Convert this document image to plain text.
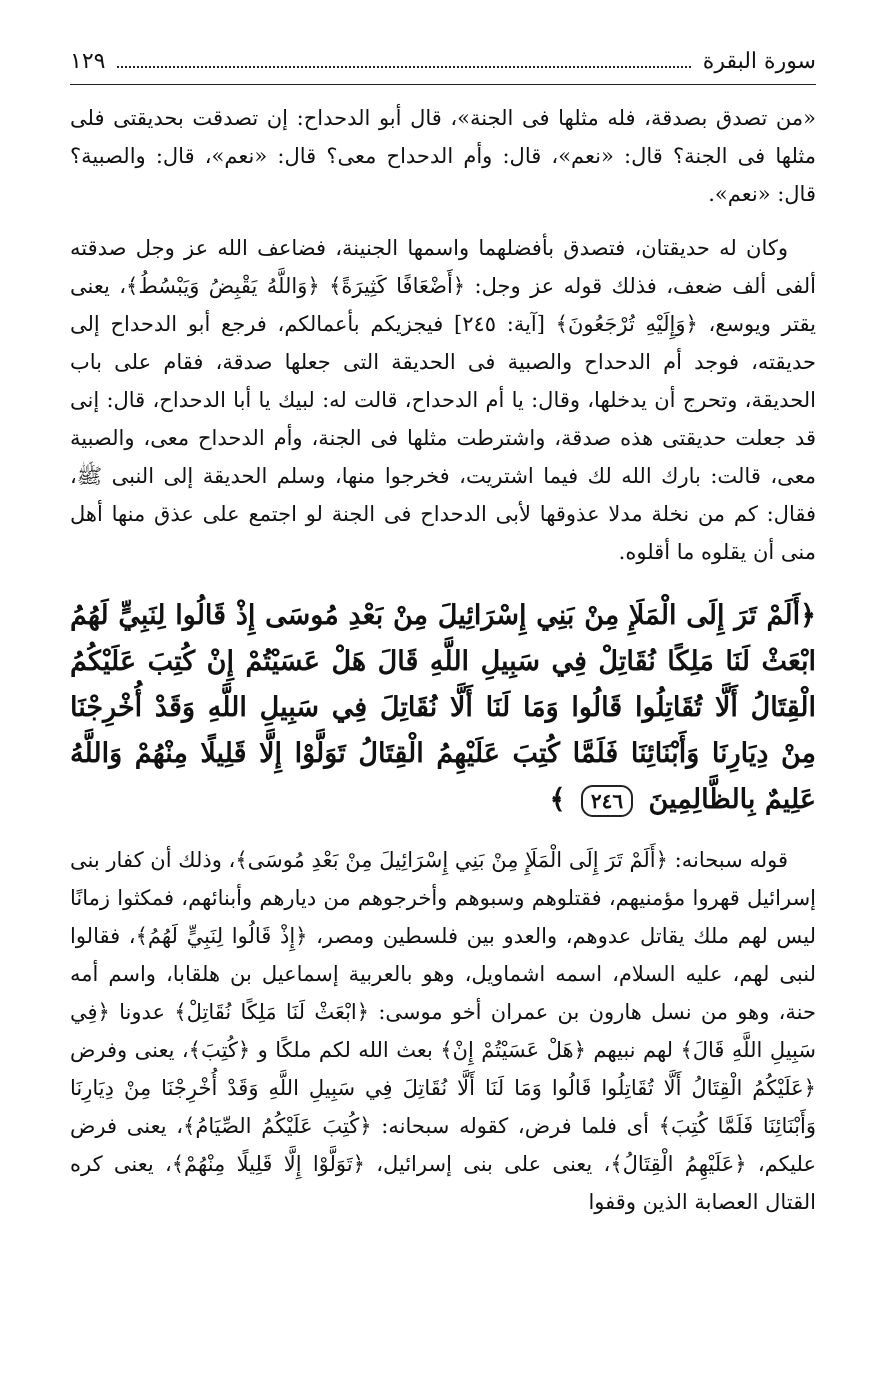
سورة البقرة
١٢٩

«من تصدق بصدقة، فله مثلها فى الجنة»، قال أبو الدحداح: إن تصدقت بحديقتى فلى مثلها فى الجنة؟ قال: «نعم»، قال: وأم الدحداح معى؟ قال: «نعم»، قال: والصبية؟ قال: «نعم».

وكان له حديقتان، فتصدق بأفضلهما واسمها الجنينة، فضاعف الله عز وجل صدقته ألفى ألف ضعف، فذلك قوله عز وجل: ﴿أَضْعَافًا كَثِيرَةً﴾ ﴿وَاللَّهُ يَقْبِضُ وَيَبْسُطُ﴾، يعنى يقتر ويوسع، ﴿وَإِلَيْهِ تُرْجَعُونَ﴾ [آية: ٢٤٥] فيجزيكم بأعمالكم، فرجع أبو الدحداح إلى حديقته، فوجد أم الدحداح والصبية فى الحديقة التى جعلها صدقة، فقام على باب الحديقة، وتحرج أن يدخلها، وقال: يا أم الدحداح، قالت له: لبيك يا أبا الدحداح، قال: إنى قد جعلت حديقتى هذه صدقة، واشترطت مثلها فى الجنة، وأم الدحداح معى، والصبية معى، قالت: بارك الله لك فيما اشتريت، فخرجوا منها، وسلم الحديقة إلى النبى ﷺ، فقال: كم من نخلة مدلا عذوقها لأبى الدحداح فى الجنة لو اجتمع على عذق منها أهل منى أن يقلوه ما أقلوه.

﴿أَلَمْ تَرَ إِلَى الْمَلَإِ مِنْ بَنِي إِسْرَائِيلَ مِنْ بَعْدِ مُوسَى إِذْ قَالُوا لِنَبِيٍّ لَهُمُ ابْعَثْ لَنَا مَلِكًا نُقَاتِلْ فِي سَبِيلِ اللَّهِ قَالَ هَلْ عَسَيْتُمْ إِنْ كُتِبَ عَلَيْكُمُ الْقِتَالُ أَلَّا تُقَاتِلُوا قَالُوا وَمَا لَنَا أَلَّا نُقَاتِلَ فِي سَبِيلِ اللَّهِ وَقَدْ أُخْرِجْنَا مِنْ دِيَارِنَا وَأَبْنَائِنَا فَلَمَّا كُتِبَ عَلَيْهِمُ الْقِتَالُ تَوَلَّوْا إِلَّا قَلِيلًا مِنْهُمْ وَاللَّهُ عَلِيمٌ بِالظَّالِمِينَ ٢٤٦ ﴾

قوله سبحانه: ﴿أَلَمْ تَرَ إِلَى الْمَلَإِ مِنْ بَنِي إِسْرَائِيلَ مِنْ بَعْدِ مُوسَى﴾، وذلك أن كفار بنى إسرائيل قهروا مؤمنيهم، فقتلوهم وسبوهم وأخرجوهم من ديارهم وأبنائهم، فمكثوا زمانًا ليس لهم ملك يقاتل عدوهم، والعدو بين فلسطين ومصر، ﴿إِذْ قَالُوا لِنَبِيٍّ لَهُمُ﴾، فقالوا لنبى لهم، عليه السلام، اسمه اشماويل، وهو بالعربية إسماعيل بن هلقابا، واسم أمه حنة، وهو من نسل هارون بن عمران أخو موسى: ﴿ابْعَثْ لَنَا مَلِكًا نُقَاتِلْ﴾ عدونا ﴿فِي سَبِيلِ اللَّهِ قَالَ﴾ لهم نبيهم ﴿هَلْ عَسَيْتُمْ إِنْ﴾ بعث الله لكم ملكًا و ﴿كُتِبَ﴾، يعنى وفرض ﴿عَلَيْكُمُ الْقِتَالُ أَلَّا تُقَاتِلُوا قَالُوا وَمَا لَنَا أَلَّا نُقَاتِلَ فِي سَبِيلِ اللَّهِ وَقَدْ أُخْرِجْنَا مِنْ دِيَارِنَا وَأَبْنَائِنَا فَلَمَّا كُتِبَ﴾ أى فلما فرض، كقوله سبحانه: ﴿كُتِبَ عَلَيْكُمُ الصِّيَامُ﴾، يعنى فرض عليكم، ﴿عَلَيْهِمُ الْقِتَالُ﴾، يعنى على بنى إسرائيل، ﴿تَوَلَّوْا إِلَّا قَلِيلًا مِنْهُمْ﴾، يعنى كره القتال العصابة الذين وقفوا
